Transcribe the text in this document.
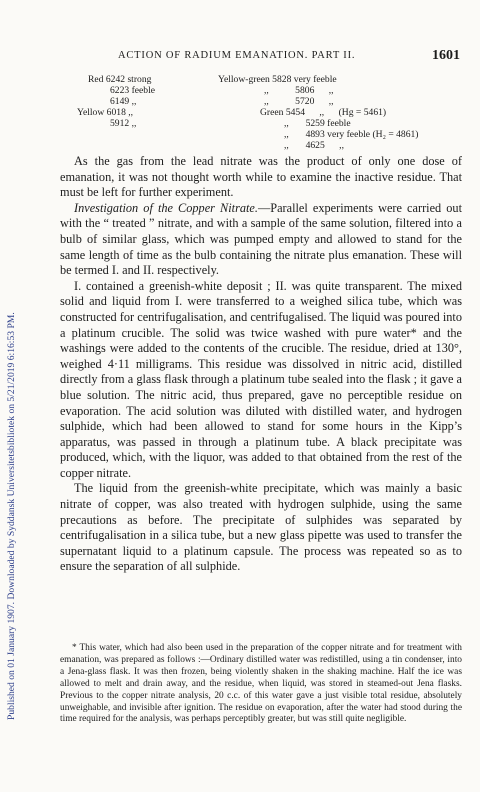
Published on 01 January 1907. Downloaded by Syddansk Universitetsbibliotek on 5/21/2019 6:16:53 PM.
ACTION OF RADIUM EMANATION. PART II.	1601
Red 6242 strong
6223 feeble
6149 ,,
Yellow 6018 ,,
5912 ,,
Yellow-green 5828 very feeble
,,           5806      ,,
,,           5720      ,,
Green 5454      ,,      (Hg = 5461)
,,       5259 feeble
,,       4893 very feeble (H₂ = 4861)
,,       4625      ,,

As the gas from the lead nitrate was the product of only one dose of emanation, it was not thought worth while to examine the inactive residue. That must be left for further experiment.

Investigation of the Copper Nitrate.—Parallel experiments were carried out with the “ treated ” nitrate, and with a sample of the same solution, filtered into a bulb of similar glass, which was pumped empty and allowed to stand for the same length of time as the bulb containing the nitrate plus emanation. These will be termed I. and II. respectively.

I. contained a greenish-white deposit ; II. was quite transparent. The mixed solid and liquid from I. were transferred to a weighed silica tube, which was constructed for centrifugalisation, and centrifugalised. The liquid was poured into a platinum crucible. The solid was twice washed with pure water* and the washings were added to the contents of the crucible. The residue, dried at 130°, weighed 4·11 milligrams. This residue was dissolved in nitric acid, distilled directly from a glass flask through a platinum tube sealed into the flask ; it gave a blue solution. The nitric acid, thus prepared, gave no perceptible residue on evaporation. The acid solution was diluted with distilled water, and hydrogen sulphide, which had been allowed to stand for some hours in the Kipp’s apparatus, was passed in through a platinum tube. A black precipitate was produced, which, with the liquor, was added to that obtained from the rest of the copper nitrate.

The liquid from the greenish-white precipitate, which was mainly a basic nitrate of copper, was also treated with hydrogen sulphide, using the same precautions as before. The precipitate of sulphides was separated by centrifugalisation in a silica tube, but a new glass pipette was used to transfer the supernatant liquid to a platinum capsule. The process was repeated so as to ensure the separation of all sulphide.

* This water, which had also been used in the preparation of the copper nitrate and for treatment with emanation, was prepared as follows :—Ordinary distilled water was redistilled, using a tin condenser, into a Jena-glass flask. It was then frozen, being violently shaken in the shaking machine. Half the ice was allowed to melt and drain away, and the residue, when liquid, was stored in steamed-out Jena flasks. Previous to the copper nitrate analysis, 20 c.c. of this water gave a just visible total residue, absolutely unweighable, and invisible after ignition. The residue on evaporation, after the water had stood during the time required for the analysis, was perhaps perceptibly greater, but was still quite negligible.
